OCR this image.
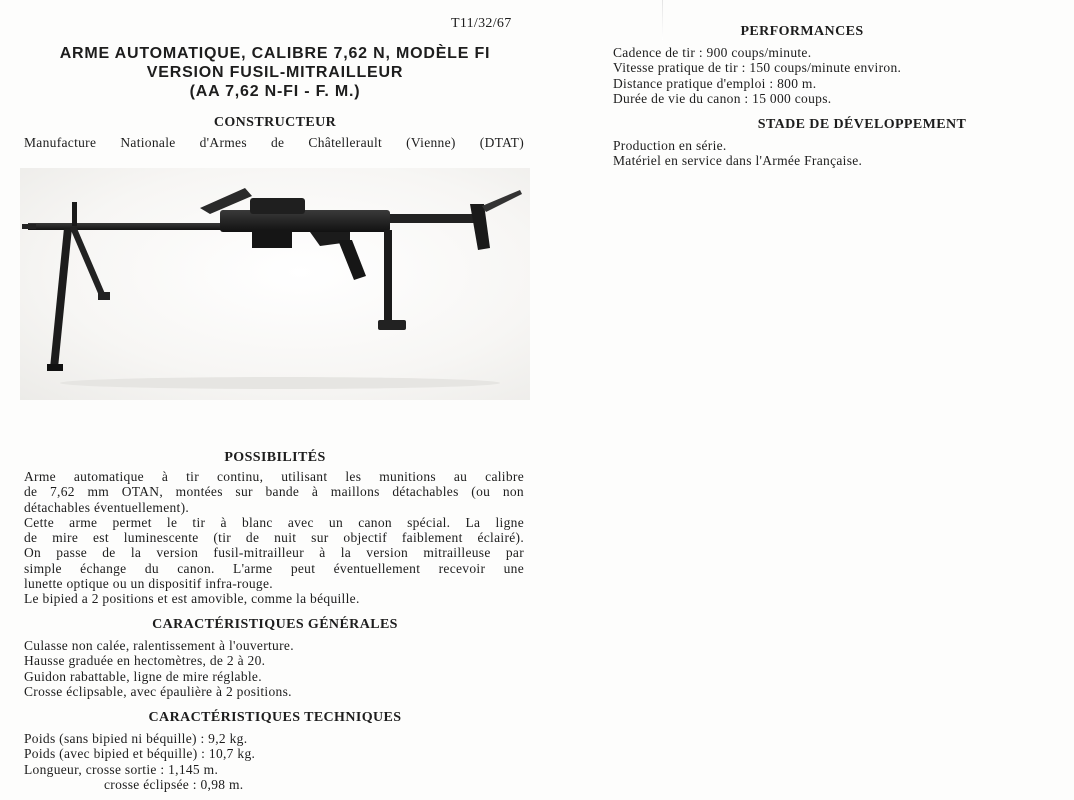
T11/32/67
ARME AUTOMATIQUE, CALIBRE 7,62 N, MODÈLE FI
VERSION FUSIL-MITRAILLEUR
(AA 7,62 N-FI - F. M.)
CONSTRUCTEUR
Manufacture Nationale d'Armes de Châtellerault (Vienne) (DTAT)
POSSIBILITÉS
Arme automatique à tir continu, utilisant les munitions au calibre
de 7,62 mm OTAN, montées sur bande à maillons détachables (ou non
détachables éventuellement).
Cette arme permet le tir à blanc avec un canon spécial. La ligne
de mire est luminescente (tir de nuit sur objectif faiblement éclairé).
On passe de la version fusil-mitrailleur à la version mitrailleuse par
simple échange du canon. L'arme peut éventuellement recevoir une
lunette optique ou un dispositif infra-rouge.
Le bipied a 2 positions et est amovible, comme la béquille.
CARACTÉRISTIQUES GÉNÉRALES
Culasse non calée, ralentissement à l'ouverture.
Hausse graduée en hectomètres, de 2 à 20.
Guidon rabattable, ligne de mire réglable.
Crosse éclipsable, avec épaulière à 2 positions.
CARACTÉRISTIQUES TECHNIQUES
Poids (sans bipied ni béquille) : 9,2 kg.
Poids (avec bipied et béquille) : 10,7 kg.
Longueur, crosse sortie : 1,145 m.
crosse éclipsée : 0,98 m.
PERFORMANCES
Cadence de tir : 900 coups/minute.
Vitesse pratique de tir : 150 coups/minute environ.
Distance pratique d'emploi : 800 m.
Durée de vie du canon : 15 000 coups.
STADE DE DÉVELOPPEMENT
Production en série.
Matériel en service dans l'Armée Française.
